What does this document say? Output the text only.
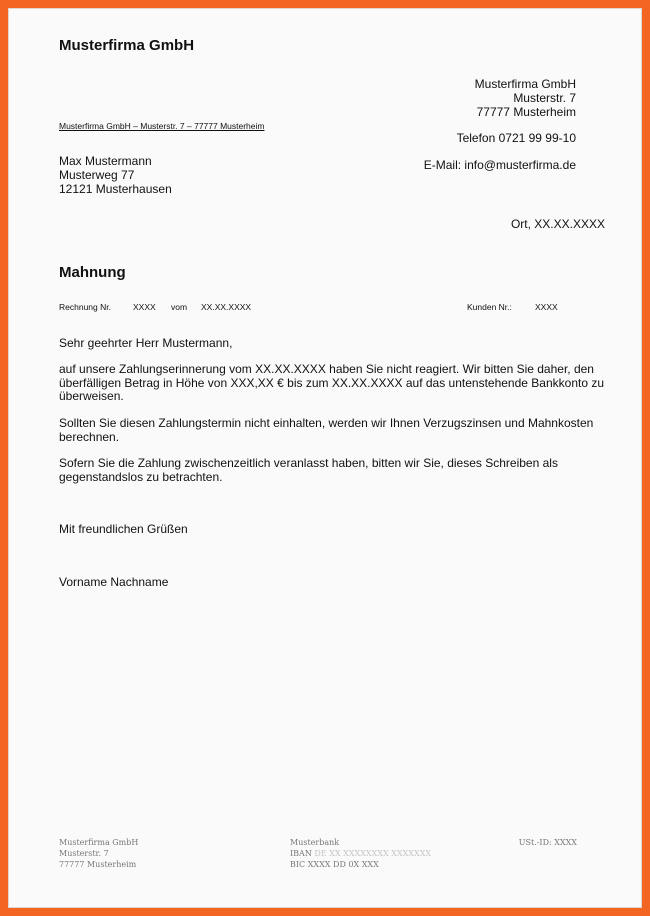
Musterfirma GmbH
Musterfirma GmbH
Musterstr. 7
77777 Musterheim
Musterfirma GmbH – Musterstr. 7 – 77777 Musterheim
Telefon 0721 99 99-10
Max Mustermann
Musterweg 77
12121 Musterhausen
E-Mail: info@musterfirma.de
Ort, XX.XX.XXXX
Mahnung
Rechnung Nr.	XXXX vom XX.XX.XXXX	Kunden Nr.:	XXXX
Sehr geehrter Herr Mustermann,
auf unsere Zahlungserinnerung vom XX.XX.XXXX haben Sie nicht reagiert. Wir bitten Sie daher, den überfälligen Betrag in Höhe von XXX,XX € bis zum XX.XX.XXXX auf das untenstehende Bankkonto zu überweisen.
Sollten Sie diesen Zahlungstermin nicht einhalten, werden wir Ihnen Verzugszinsen und Mahnkosten berechnen.
Sofern Sie die Zahlung zwischenzeitlich veranlasst haben, bitten wir Sie, dieses Schreiben als gegenstandslos zu betrachten.
Mit freundlichen Grüßen
Vorname Nachname
Musterfirma GmbH
Musterstr. 7
77777 Musterheim
Musterbank
IBAN DE XX XXXXXXXX XXXXXXX
BIC XXXX DD 0X XXX
USt.-ID: XXXX
